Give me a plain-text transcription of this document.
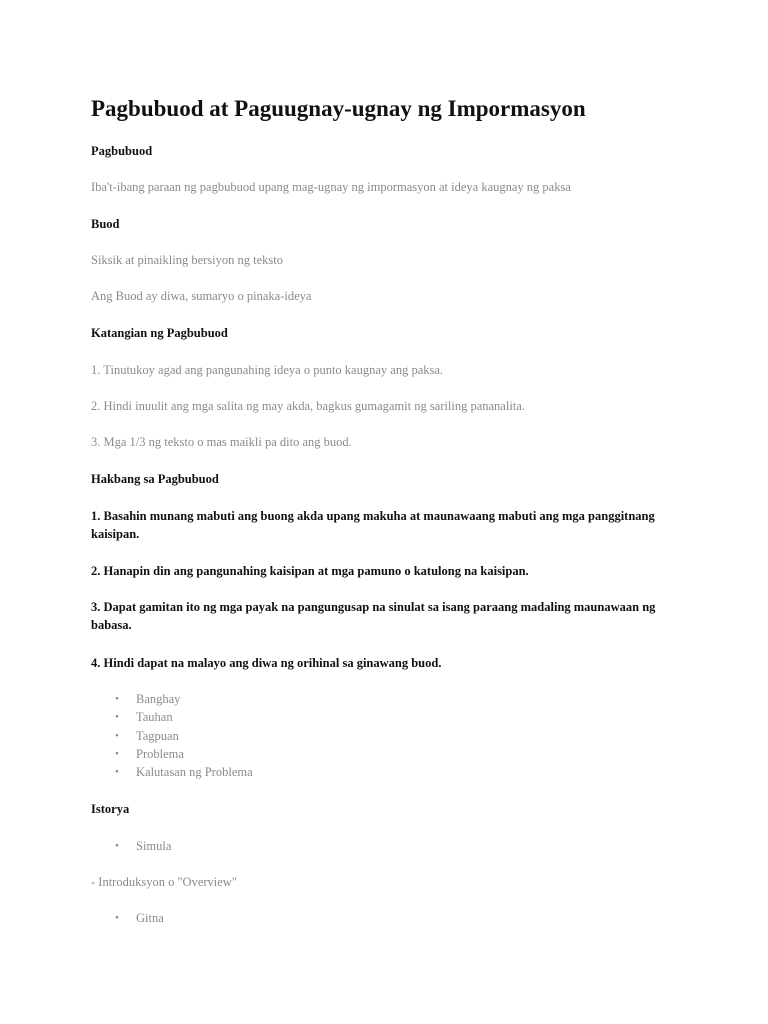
Pagbubuod at Paguugnay-ugnay ng Impormasyon

Pagbubuod

Iba't-ibang paraan ng pagbubuod upang mag-ugnay ng impormasyon at ideya kaugnay ng paksa

Buod

Siksik at pinaikling bersiyon ng teksto

Ang Buod ay diwa, sumaryo o pinaka-ideya

Katangian ng Pagbubuod

1. Tinutukoy agad ang pangunahing ideya o punto kaugnay ang paksa.

2. Hindi inuulit ang mga salita ng may akda, bagkus gumagamit ng sariling pananalita.

3. Mga 1/3 ng teksto o mas maikli pa dito ang buod.

Hakbang sa Pagbubuod

1. Basahin munang mabuti ang buong akda upang makuha at maunawaang mabuti ang mga panggitnang kaisipan.

2. Hanapin din ang pangunahing kaisipan at mga pamuno o katulong na kaisipan.

3. Dapat gamitan ito ng mga payak na pangungusap na sinulat sa isang paraang madaling maunawaan ng babasa.

4. Hindi dapat na malayo ang diwa ng orihinal sa ginawang buod.

• Banghay
• Tauhan
• Tagpuan
• Problema
• Kalutasan ng Problema

Istorya

• Simula

- Introduksyon o "Overview"

• Gitna
